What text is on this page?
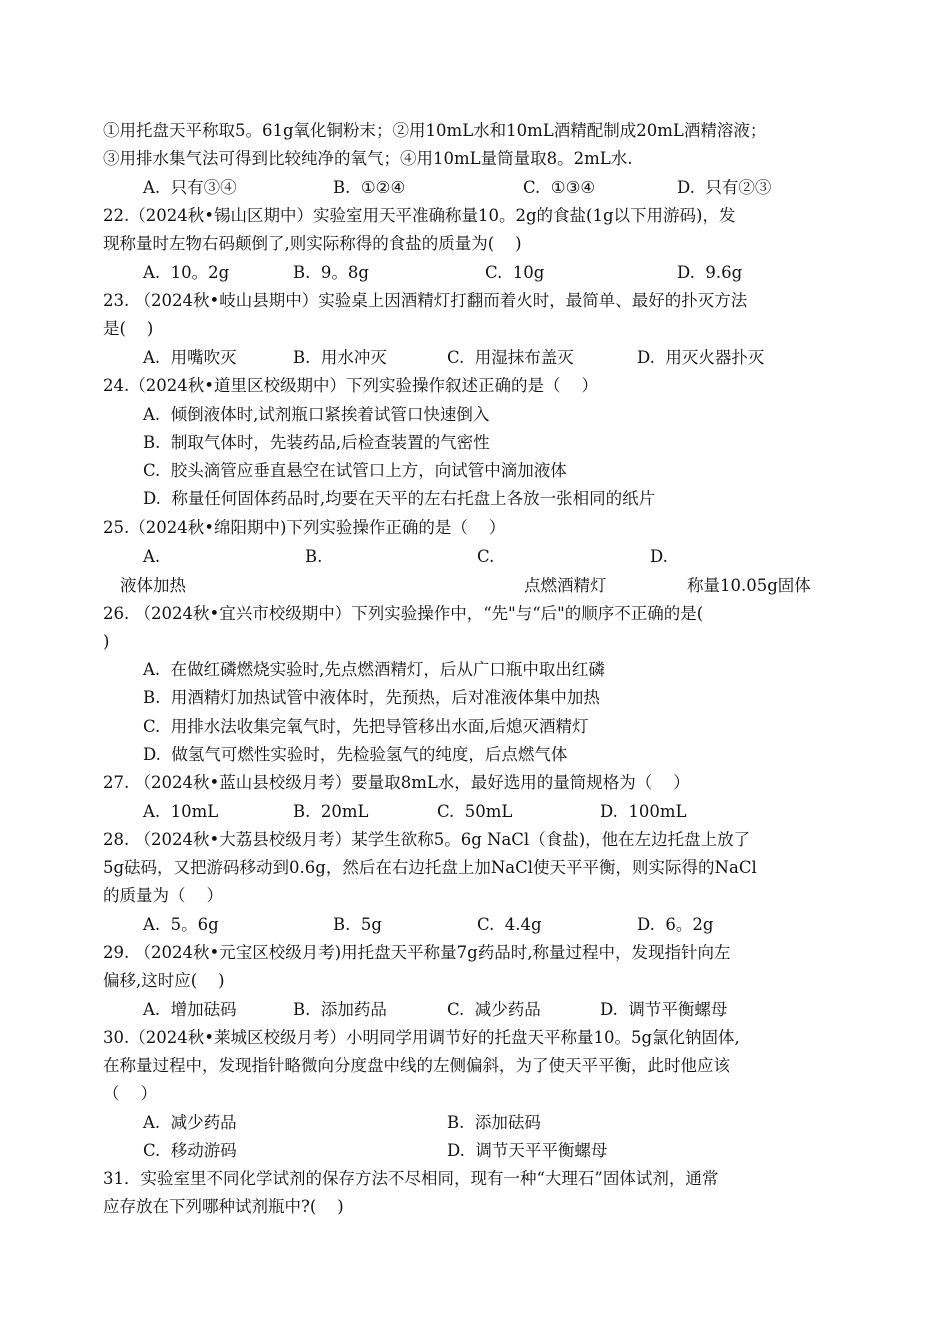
①用托盘天平称取5。61g氧化铜粉末；②用10mL水和10mL酒精配制成20mL酒精溶液；
③用排水集气法可得到比较纯净的氧气；④用10mL量筒量取8。2mL水.
A.  只有③④	B.  ①②④	C.  ①③④	D.  只有②③
22.（2024秋•锡山区期中）实验室用天平准确称量10。2g的食盐(1g以下用游码)，发
现称量时左物右码颠倒了,则实际称得的食盐的质量为(    )
A.  10。2g	B.  9。8g	C.  10g	D.  9.6g
23. （2024秋•岐山县期中）实验桌上因酒精灯打翻而着火时，最简单、最好的扑灭方法
是(    )
A.  用嘴吹灭	B.  用水冲灭	C.  用湿抹布盖灭	D.  用灭火器扑灭
24.（2024秋•道里区校级期中）下列实验操作叙述正确的是（    ）
A.  倾倒液体时,试剂瓶口紧挨着试管口快速倒入
B.  制取气体时，先装药品,后检查装置的气密性
C.  胶头滴管应垂直悬空在试管口上方，向试管中滴加液体
D.  称量任何固体药品时,均要在天平的左右托盘上各放一张相同的纸片
25.（2024秋•绵阳期中)下列实验操作正确的是（    ）
A.	B.	C.	D.
液体加热	点燃酒精灯	称量10.05g固体
26. （2024秋•宜兴市校级期中）下列实验操作中，“先"与“后"的顺序不正确的是(
)
A.  在做红磷燃烧实验时,先点燃酒精灯，后从广口瓶中取出红磷
B.  用酒精灯加热试管中液体时，先预热，后对准液体集中加热
C.  用排水法收集完氧气时，先把导管移出水面,后熄灭酒精灯
D.  做氢气可燃性实验时，先检验氢气的纯度，后点燃气体
27. （2024秋•蓝山县校级月考）要量取8mL水，最好选用的量筒规格为（    ）
A.  10mL	B.  20mL	C.  50mL	D.  100mL
28. （2024秋•大荔县校级月考）某学生欲称5。6g NaCl（食盐)，他在左边托盘上放了
5g砝码，又把游码移动到0.6g，然后在右边托盘上加NaCl使天平平衡，则实际得的NaCl
的质量为（    ）
A.  5。6g	B.  5g	C.  4.4g	D.  6。2g
29. （2024秋•元宝区校级月考)用托盘天平称量7g药品时,称量过程中，发现指针向左
偏移,这时应(    )
A.  增加砝码	B.  添加药品	C.  减少药品	D.  调节平衡螺母
30.（2024秋•莱城区校级月考）小明同学用调节好的托盘天平称量10。5g氯化钠固体,
在称量过程中，发现指针略微向分度盘中线的左侧偏斜，为了使天平平衡，此时他应该
（    ）
A.  减少药品	B.  添加砝码
C.  移动游码	D.  调节天平平衡螺母
31．实验室里不同化学试剂的保存方法不尽相同，现有一种“大理石”固体试剂，通常
应存放在下列哪种试剂瓶中?(    )
